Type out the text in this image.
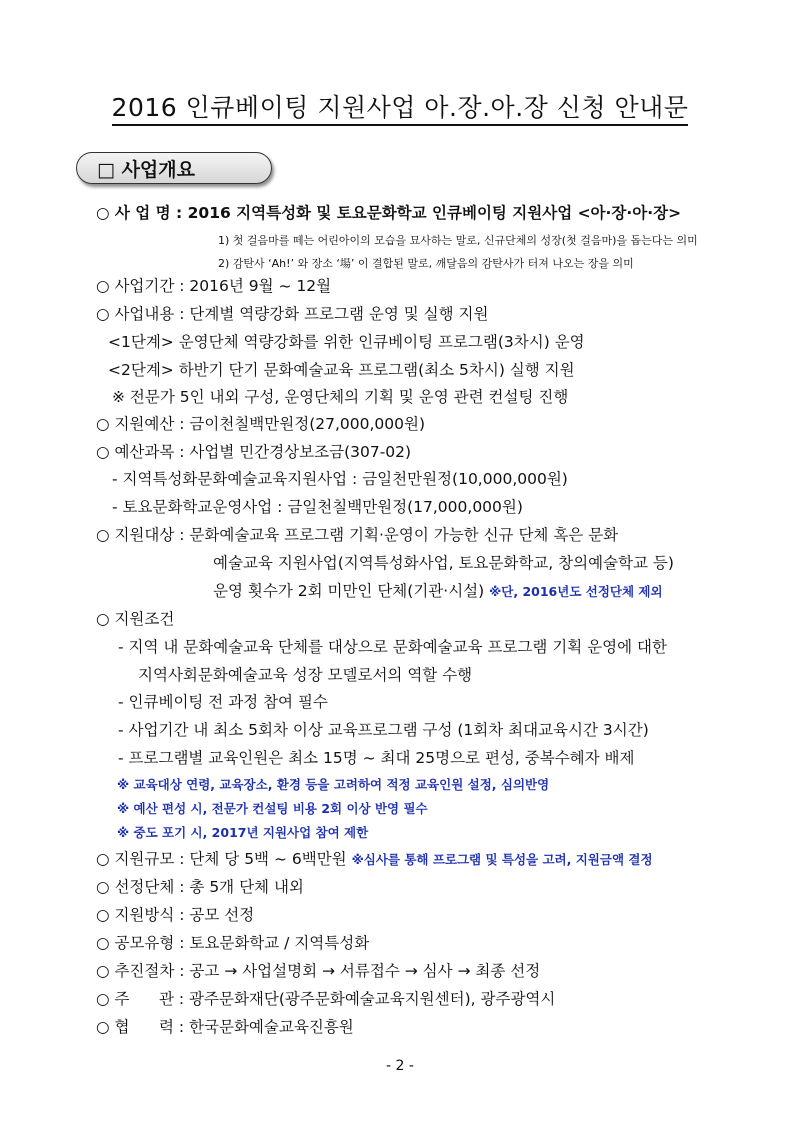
2016 인큐베이팅 지원사업 아.장.아.장 신청 안내문
□ 사업개요
○ 사 업 명 : 2016 지역특성화 및 토요문화학교 인큐베이팅 지원사업 <아·장·아·장>
1) 첫 걸음마를 떼는 어린아이의 모습을 묘사하는 말로, 신규단체의 성장(첫 걸음마)을 돕는다는 의미
2) 감탄사 ‘Ah!’ 와 장소 ‘場’ 이 결합된 말로, 깨달음의 감탄사가 터져 나오는 장을 의미
○ 사업기간 : 2016년 9월 ~ 12월
○ 사업내용 : 단계별 역량강화 프로그램 운영 및 실행 지원
<1단계> 운영단체 역량강화를 위한 인큐베이팅 프로그램(3차시) 운영
<2단계> 하반기 단기 문화예술교육 프로그램(최소 5차시) 실행 지원
※ 전문가 5인 내외 구성, 운영단체의 기획 및 운영 관련 컨설팅 진행
○ 지원예산 : 금이천칠백만원정(27,000,000원)
○ 예산과목 : 사업별 민간경상보조금(307-02)
- 지역특성화문화예술교육지원사업 : 금일천만원정(10,000,000원)
- 토요문화학교운영사업 : 금일천칠백만원정(17,000,000원)
○ 지원대상 : 문화예술교육 프로그램 기획·운영이 가능한 신규 단체 혹은 문화
예술교육 지원사업(지역특성화사업, 토요문화학교, 창의예술학교 등)
운영 횟수가 2회 미만인 단체(기관·시설) ※단, 2016년도 선정단체 제외
○ 지원조건
- 지역 내 문화예술교육 단체를 대상으로 문화예술교육 프로그램 기획 운영에 대한
지역사회문화예술교육 성장 모델로서의 역할 수행
- 인큐베이팅 전 과정 참여 필수
- 사업기간 내 최소 5회차 이상 교육프로그램 구성 (1회차 최대교육시간 3시간)
- 프로그램별 교육인원은 최소 15명 ~ 최대 25명으로 편성, 중복수혜자 배제
※ 교육대상 연령, 교육장소, 환경 등을 고려하여 적정 교육인원 설정, 심의반영
※ 예산 편성 시, 전문가 컨설팅 비용 2회 이상 반영 필수
※ 중도 포기 시, 2017년 지원사업 참여 제한
○ 지원규모 : 단체 당 5백 ~ 6백만원 ※심사를 통해 프로그램 및 특성을 고려, 지원금액 결정
○ 선정단체 : 총 5개 단체 내외
○ 지원방식 : 공모 선정
○ 공모유형 : 토요문화학교 / 지역특성화
○ 추진절차 : 공고 → 사업설명회 → 서류접수 → 심사 → 최종 선정
○ 주      관 : 광주문화재단(광주문화예술교육지원센터), 광주광역시
○ 협      력 : 한국문화예술교육진흥원
- 2 -
